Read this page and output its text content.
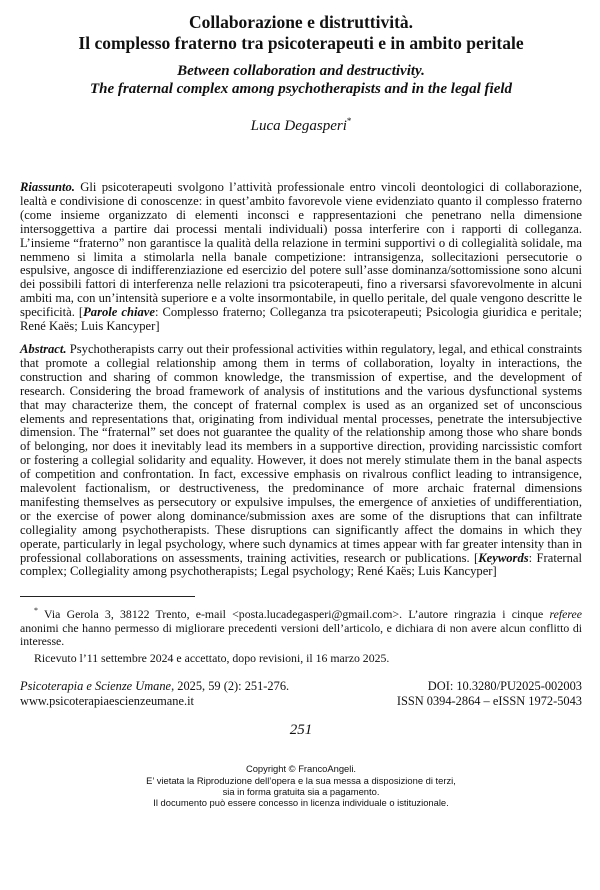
Collaborazione e distruttività.
Il complesso fraterno tra psicoterapeuti e in ambito peritale
Between collaboration and destructivity.
The fraternal complex among psychotherapists and in the legal field

Luca Degasperi*

Riassunto. Gli psicoterapeuti svolgono l’attività professionale entro vincoli deontologici di collaborazione, lealtà e condivisione di conoscenze: in quest’ambito favorevole viene evidenziato quanto il complesso fraterno (come insieme organizzato di elementi inconsci e rappresentazioni che penetrano nella dimensione intersoggettiva a partire dai processi mentali individuali) possa interferire con i rapporti di colleganza. L’insieme “fraterno” non garantisce la qualità della relazione in termini supportivi o di collegialità solidale, ma nemmeno si limita a stimolarla nella banale competizione: intransigenza, sollecitazioni persecutorie o espulsive, angosce di indifferenziazione ed esercizio del potere sull’asse dominanza/sottomissione sono alcuni dei possibili fattori di interferenza nelle relazioni tra psicoterapeuti, fino a riversarsi sfavorevolmente in alcuni ambiti ma, con un’intensità superiore e a volte insormontabile, in quello peritale, del quale vengono descritte le specificità. [Parole chiave: Complesso fraterno; Colleganza tra psicoterapeuti; Psicologia giuridica e peritale; René Kaës; Luis Kancyper]

Abstract. Psychotherapists carry out their professional activities within regulatory, legal, and ethical constraints that promote a collegial relationship among them in terms of collaboration, loyalty in interactions, the construction and sharing of common knowledge, the transmission of expertise, and the development of research. Considering the broad framework of analysis of institutions and the various dysfunctional systems that may characterize them, the concept of fraternal complex is used as an organized set of unconscious elements and representations that, originating from individual mental processes, penetrate the intersubjective dimension. The “fraternal” set does not guarantee the quality of the relationship among those who share bonds of belonging, nor does it inevitably lead its members in a supportive direction, providing narcissistic comfort or fostering a collegial solidarity and equality. However, it does not merely stimulate them in the banal aspects of competition and confrontation. In fact, excessive emphasis on rivalrous conflict leading to intransigence, malevolent factionalism, or destructiveness, the predominance of more archaic fraternal dimensions manifesting themselves as persecutory or expulsive impulses, the emergence of anxieties of undifferentiation, or the exercise of power along dominance/submission axes are some of the disruptions that can infiltrate collegiality among psychotherapists. These disruptions can significantly affect the domains in which they operate, particularly in legal psychology, where such dynamics at times appear with far greater intensity than in professional collaborations on assessments, training activities, research or publications. [Keywords: Fraternal complex; Collegiality among psychotherapists; Legal psychology; René Kaës; Luis Kancyper]

* Via Gerola 3, 38122 Trento, e-mail <posta.lucadegasperi@gmail.com>. L’autore ringrazia i cinque referee anonimi che hanno permesso di migliorare precedenti versioni dell’articolo, e dichiara di non avere alcun conflitto di interesse.

Ricevuto l’11 settembre 2024 e accettato, dopo revisioni, il 16 marzo 2025.

Psicoterapia e Scienze Umane, 2025, 59 (2): 251-276.	DOI: 10.3280/PU2025-002003
www.psicoterapiaescienzeumane.it	ISSN 0394-2864 – eISSN 1972-5043
251
Copyright © FrancoAngeli.
E’ vietata la Riproduzione dell’opera e la sua messa a disposizione di terzi,
sia in forma gratuita sia a pagamento.
Il documento può essere concesso in licenza individuale o istituzionale.
